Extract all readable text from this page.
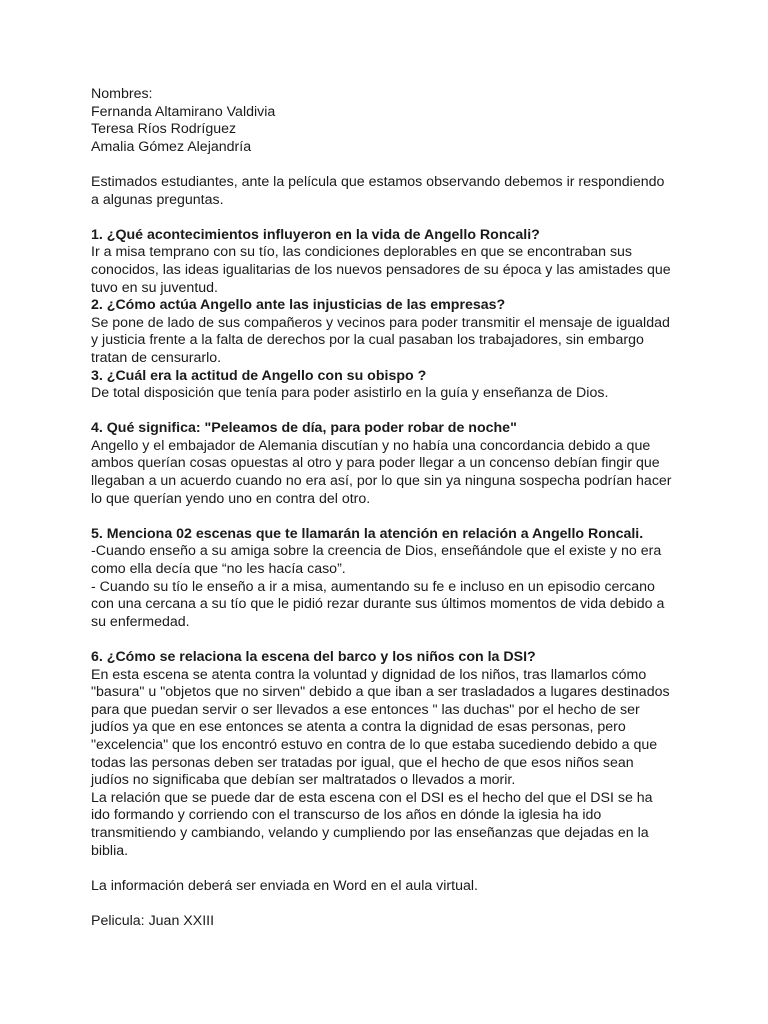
Nombres:
Fernanda Altamirano Valdivia
Teresa Ríos Rodríguez
Amalia Gómez Alejandría
Estimados estudiantes, ante la película que estamos observando debemos ir respondiendo
a algunas preguntas.
1. ¿Qué acontecimientos influyeron en la vida de Angello Roncali?
Ir a misa temprano con su tío, las condiciones deplorables en que se encontraban sus
conocidos, las ideas igualitarias de los nuevos pensadores de su época y las amistades que
tuvo en su juventud.
2. ¿Cómo actúa Angello ante las injusticias de las empresas?
Se pone de lado de sus compañeros y vecinos para poder transmitir el mensaje de igualdad
y justicia frente a la falta de derechos por la cual pasaban los trabajadores, sin embargo
tratan de censurarlo.
3. ¿Cuál era la actitud de Angello con su obispo ?
De total disposición que tenía para poder asistirlo en la guía y enseñanza de Dios.
4. Qué significa: "Peleamos de día, para poder robar de noche"
Angello y el embajador de Alemania discutían y no había una concordancia debido a que
ambos querían cosas opuestas al otro y para poder llegar a un concenso debían fingir que
llegaban a un acuerdo cuando no era así, por lo que sin ya ninguna sospecha podrían hacer
lo que querían yendo uno en contra del otro.
5. Menciona 02 escenas que te llamarán la atención en relación a Angello Roncali.
-Cuando enseño a su amiga sobre la creencia de Dios, enseñándole que el existe y no era
como ella decía que “no les hacía caso”.
- Cuando su tío le enseño a ir a misa, aumentando su fe e incluso en un episodio cercano
con una cercana a su tío que le pidió rezar durante sus últimos momentos de vida debido a
su enfermedad.
6. ¿Cómo se relaciona la escena del barco y los niños con la DSI?
En esta escena se atenta contra la voluntad y dignidad de los niños, tras llamarlos cómo
"basura" u "objetos que no sirven" debido a que iban a ser trasladados a lugares destinados
para que puedan servir o ser llevados a ese entonces " las duchas" por el hecho de ser
judíos ya que en ese entonces se atenta a contra la dignidad de esas personas, pero
"excelencia" que los encontró estuvo en contra de lo que estaba sucediendo debido a que
todas las personas deben ser tratadas por igual, que el hecho de que esos niños sean
judíos no significaba que debían ser maltratados o llevados a morir.
La relación que se puede dar de esta escena con el DSI es el hecho del que el DSI se ha
ido formando y corriendo con el transcurso de los años en dónde la iglesia ha ido
transmitiendo y cambiando, velando y cumpliendo por las enseñanzas que dejadas en la
biblia.
La información deberá ser enviada en Word en el aula virtual.
Pelicula: Juan XXIII
